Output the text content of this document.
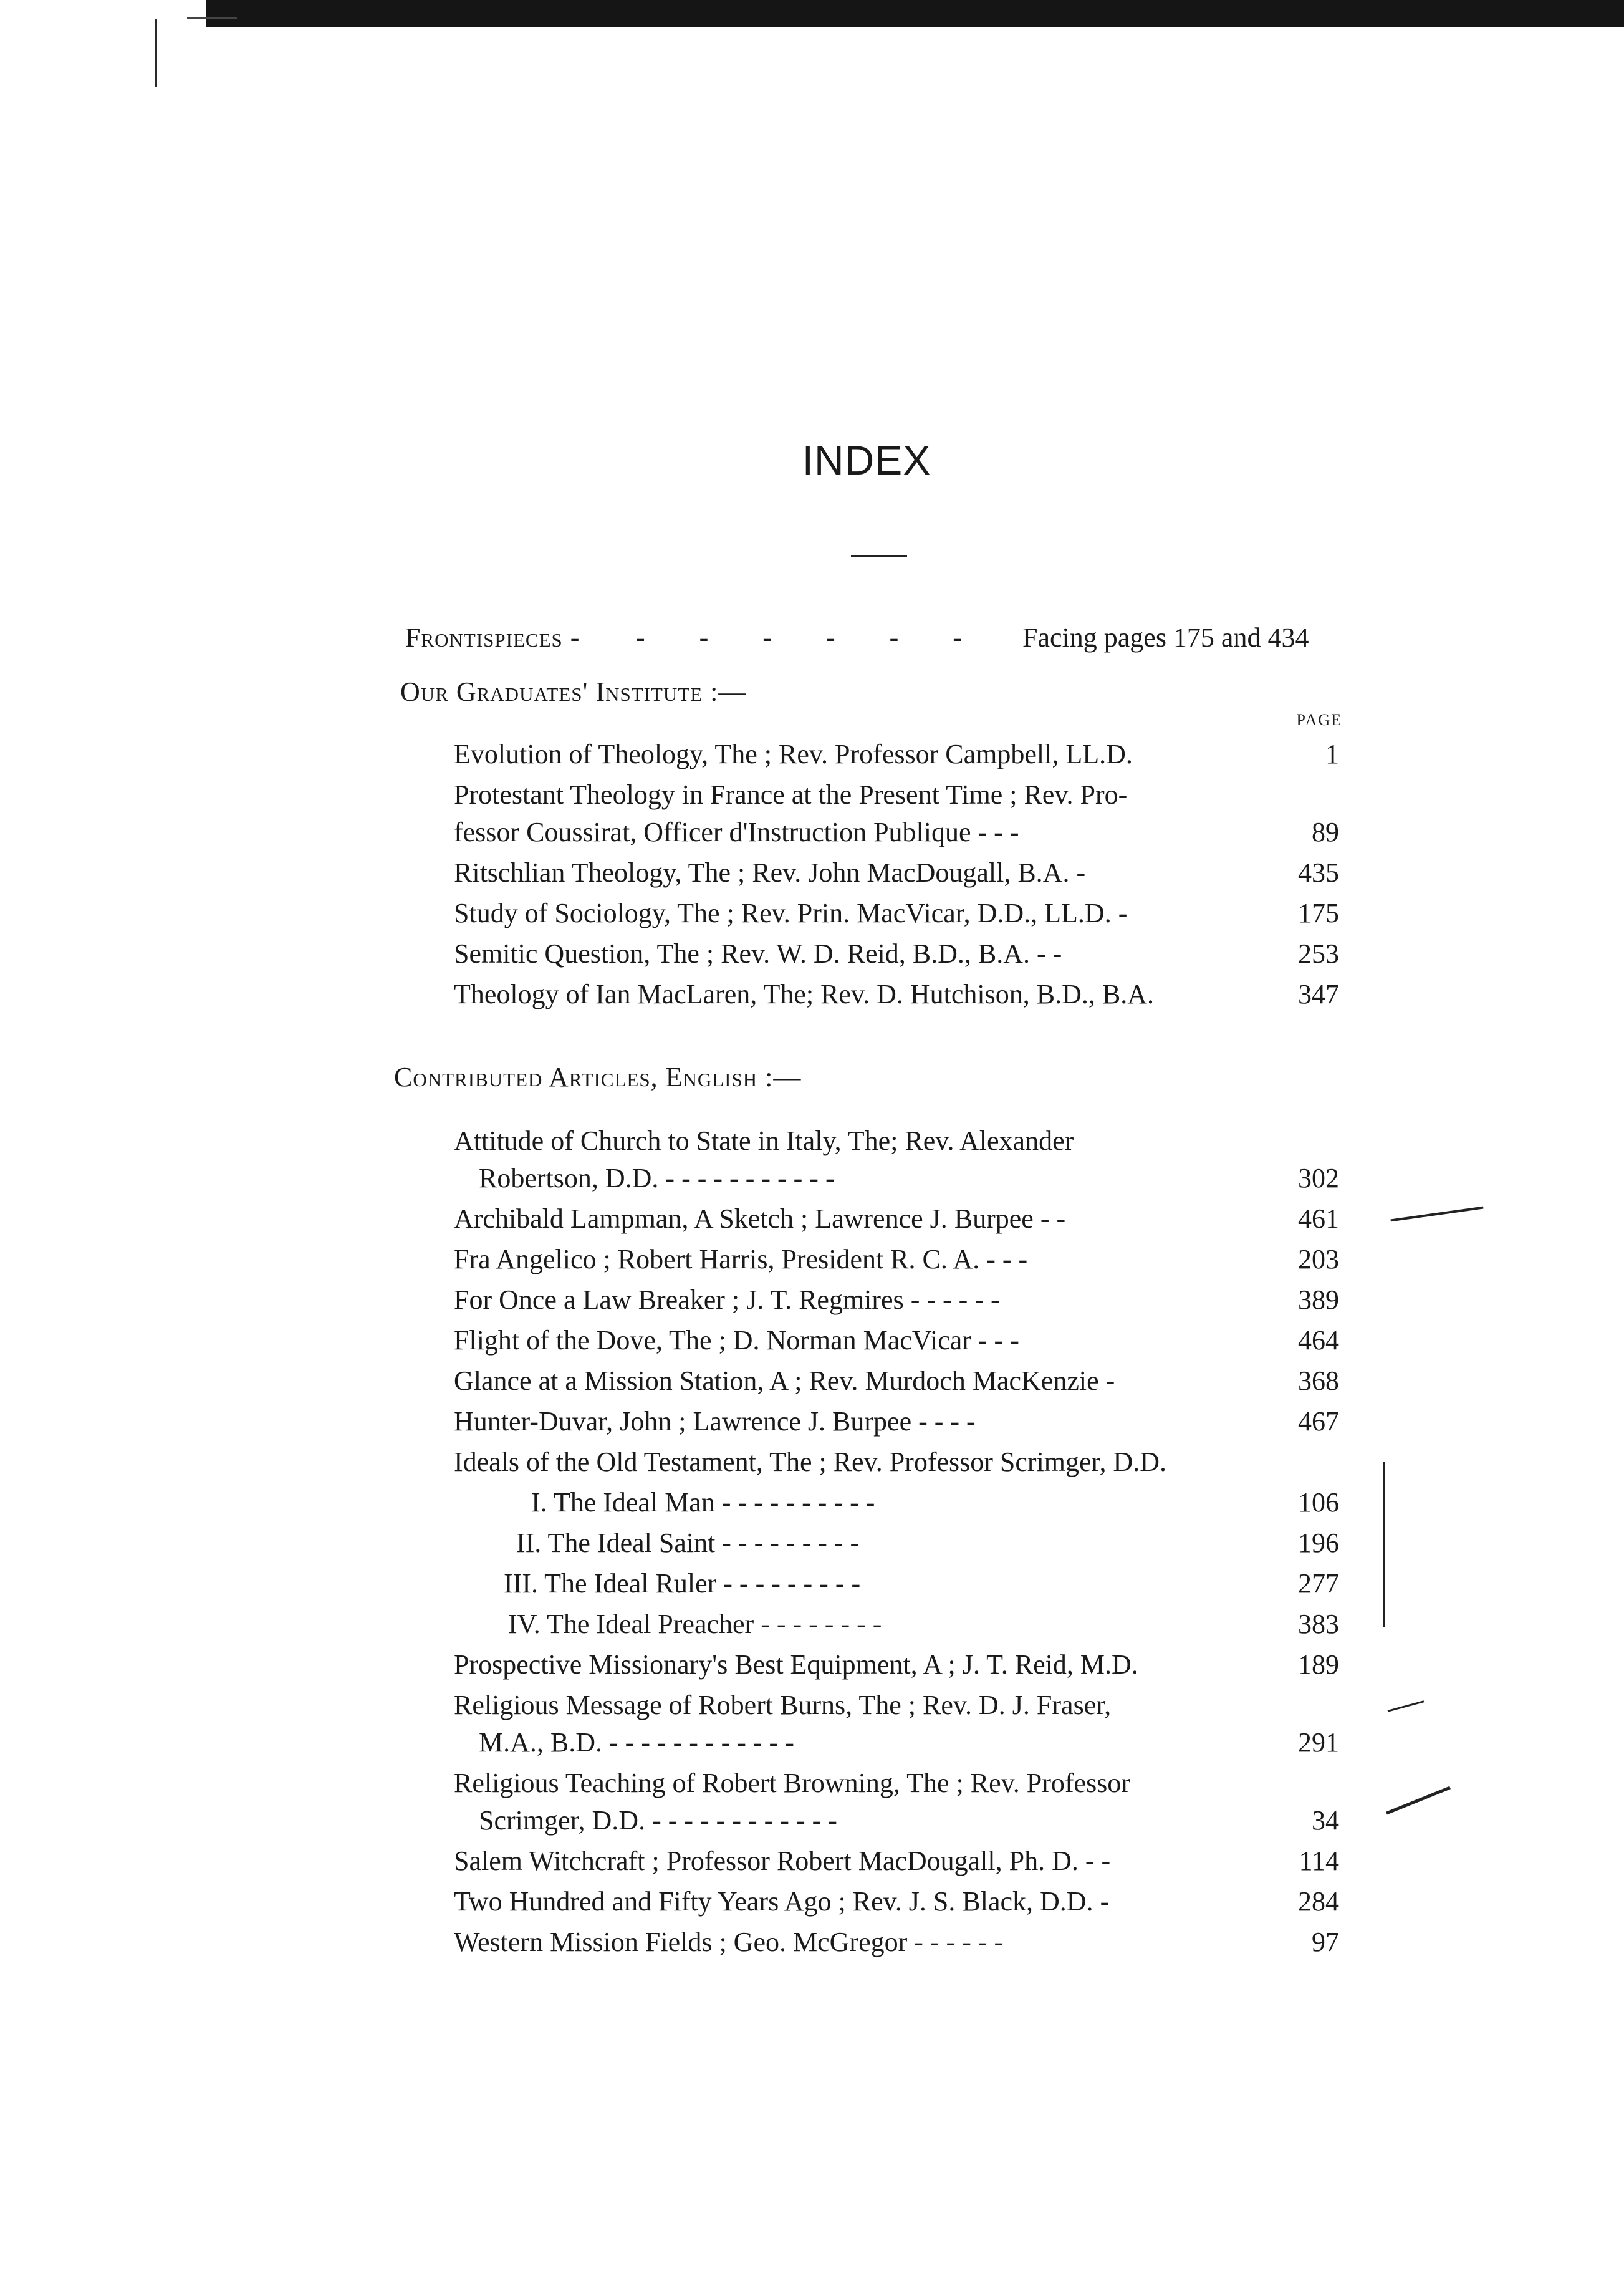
INDEX
Frontispieces - - - - - - - Facing pages 175 and 434
Our Graduates' Institute :—
PAGE
Evolution of Theology, The ; Rev. Professor Campbell, LL.D.	1
Protestant Theology in France at the Present Time ; Rev. Pro-
fessor Coussirat, Officer d'Instruction Publique - - -	89
Ritschlian Theology, The ; Rev. John MacDougall, B.A. -	435
Study of Sociology, The ; Rev. Prin. MacVicar, D.D., LL.D. -	175
Semitic Question, The ; Rev. W. D. Reid, B.D., B.A. - -	253
Theology of Ian MacLaren, The; Rev. D. Hutchison, B.D., B.A.	347
Contributed Articles, English :—
Attitude of Church to State in Italy, The; Rev. Alexander
Robertson, D.D. - - - - - - - - - - -	302
Archibald Lampman, A Sketch ; Lawrence J. Burpee - -	461
Fra Angelico ; Robert Harris, President R. C. A. - - -	203
For Once a Law Breaker ; J. T. Regmires - - - - - -	389
Flight of the Dove, The ; D. Norman MacVicar - - -	464
Glance at a Mission Station, A ; Rev. Murdoch MacKenzie -	368
Hunter-Duvar, John ; Lawrence J. Burpee - - - -	467
Ideals of the Old Testament, The ; Rev. Professor Scrimger, D.D.
I. The Ideal Man - - - - - - - - - -	106
II. The Ideal Saint - - - - - - - - -	196
III. The Ideal Ruler - - - - - - - - -	277
IV. The Ideal Preacher - - - - - - - -	383
Prospective Missionary's Best Equipment, A ; J. T. Reid, M.D.	189
Religious Message of Robert Burns, The ; Rev. D. J. Fraser,
M.A., B.D. - - - - - - - - - - - -	291
Religious Teaching of Robert Browning, The ; Rev. Professor
Scrimger, D.D. - - - - - - - - - - - -	34
Salem Witchcraft ; Professor Robert MacDougall, Ph. D. - -	114
Two Hundred and Fifty Years Ago ; Rev. J. S. Black, D.D. -	284
Western Mission Fields ; Geo. McGregor - - - - - -	97
